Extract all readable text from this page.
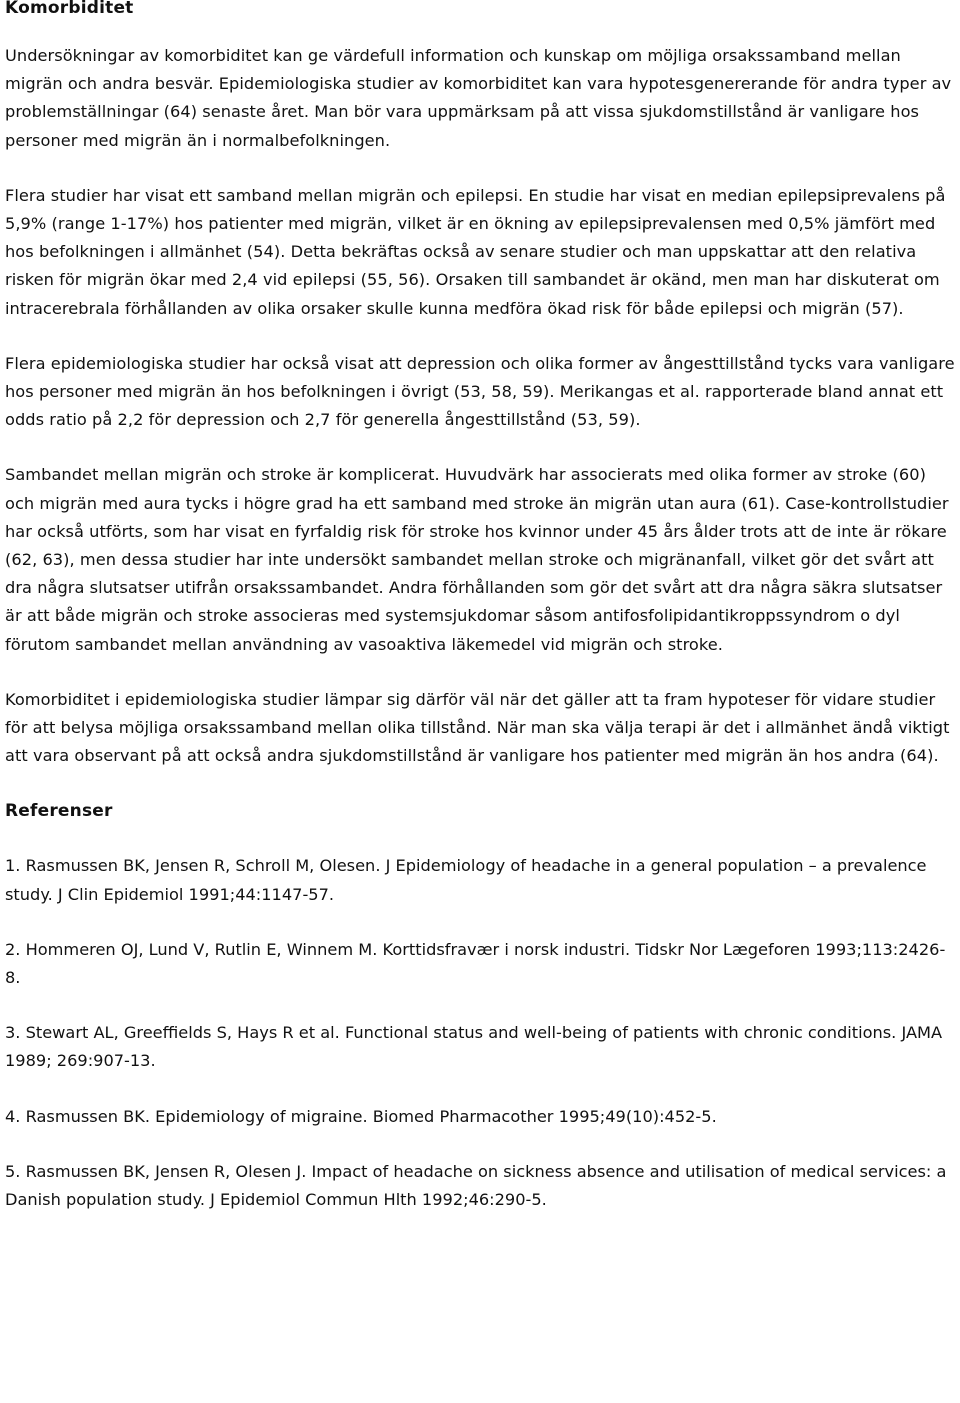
Komorbiditet

Undersökningar av komorbiditet kan ge värdefull information och kunskap om möjliga orsakssamband mellan migrän och andra besvär. Epidemiologiska studier av komorbiditet kan vara hypotesgenererande för andra typer av problemställningar (64) senaste året. Man bör vara uppmärksam på att vissa sjukdomstillstånd är vanligare hos personer med migrän än i normalbefolkningen.

Flera studier har visat ett samband mellan migrän och epilepsi. En studie har visat en median epilepsiprevalens på 5,9% (range 1-17%) hos patienter med migrän, vilket är en ökning av epilepsiprevalensen med 0,5% jämfört med hos befolkningen i allmänhet (54). Detta bekräftas också av senare studier och man uppskattar att den relativa risken för migrän ökar med 2,4 vid epilepsi (55, 56). Orsaken till sambandet är okänd, men man har diskuterat om intracerebrala förhållanden av olika orsaker skulle kunna medföra ökad risk för både epilepsi och migrän (57).

Flera epidemiologiska studier har också visat att depression och olika former av ångesttillstånd tycks vara vanligare hos personer med migrän än hos befolkningen i övrigt (53, 58, 59). Merikangas et al. rapporterade bland annat ett odds ratio på 2,2 för depression och 2,7 för generella ångesttillstånd (53, 59).

Sambandet mellan migrän och stroke är komplicerat. Huvudvärk har associerats med olika former av stroke (60) och migrän med aura tycks i högre grad ha ett samband med stroke än migrän utan aura (61). Case-kontrollstudier har också utförts, som har visat en fyrfaldig risk för stroke hos kvinnor under 45 års ålder trots att de inte är rökare (62, 63), men dessa studier har inte undersökt sambandet mellan stroke och migränanfall, vilket gör det svårt att dra några slutsatser utifrån orsakssambandet. Andra förhållanden som gör det svårt att dra några säkra slutsatser är att både migrän och stroke associeras med systemsjukdomar såsom antifosfolipidantikroppssyndrom o dyl förutom sambandet mellan användning av vasoaktiva läkemedel vid migrän och stroke.

Komorbiditet i epidemiologiska studier lämpar sig därför väl när det gäller att ta fram hypoteser för vidare studier för att belysa möjliga orsakssamband mellan olika tillstånd. När man ska välja terapi är det i allmänhet ändå viktigt att vara observant på att också andra sjukdomstillstånd är vanligare hos patienter med migrän än hos andra (64).

Referenser

1. Rasmussen BK, Jensen R, Schroll M, Olesen. J Epidemiology of headache in a general population – a prevalence study. J Clin Epidemiol 1991;44:1147-57.

2. Hommeren OJ, Lund V, Rutlin E, Winnem M. Korttidsfravær i norsk industri. Tidskr Nor Lægeforen 1993;113:2426-8.

3. Stewart AL, Greeffields S, Hays R et al. Functional status and well-being of patients with chronic conditions. JAMA 1989; 269:907-13.

4. Rasmussen BK. Epidemiology of migraine. Biomed Pharmacother 1995;49(10):452-5.

5. Rasmussen BK, Jensen R, Olesen J. Impact of headache on sickness absence and utilisation of medical services: a Danish population study. J Epidemiol Commun Hlth 1992;46:290-5.
